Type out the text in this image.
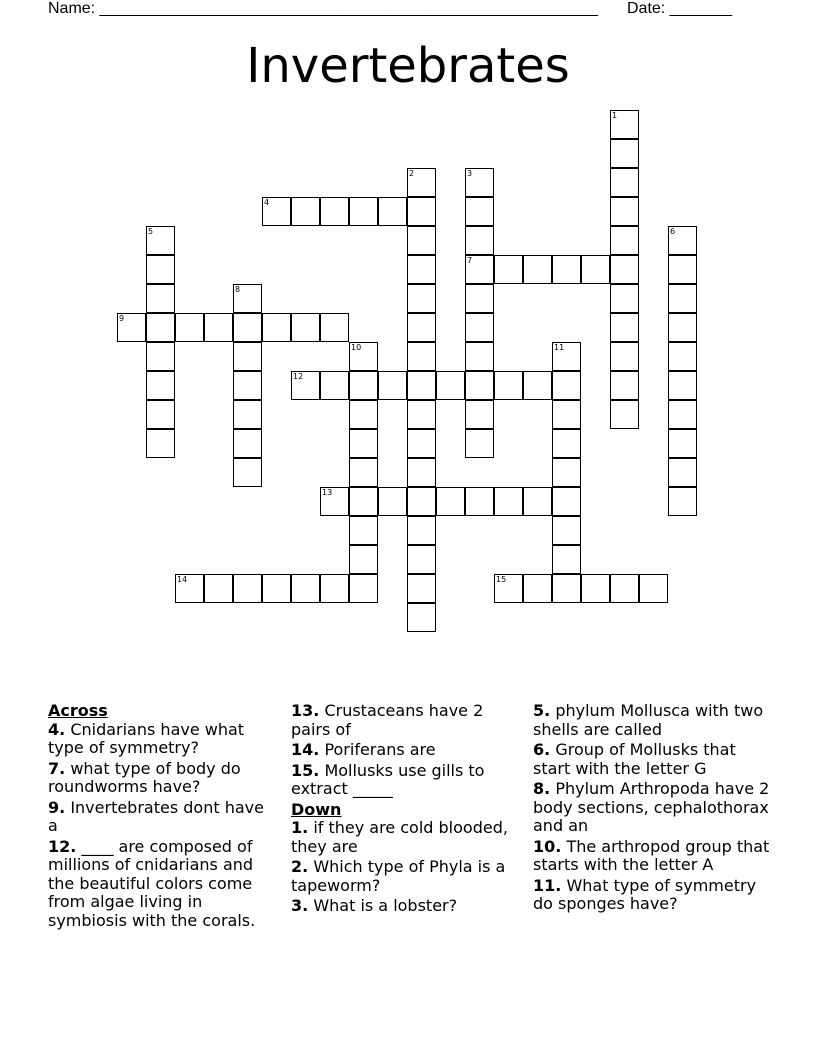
Name: ________________________________________________________ Date: _______
Invertebrates
1
2	3
7
4
5	6
8
9
10	11
12
13
14	15
Across
4. Cnidarians have what type of symmetry?
7. what type of body do roundworms have?
9. Invertebrates dont have a
12. ____ are composed of millions of cnidarians and the beautiful colors come from algae living in symbiosis with the corals.
13. Crustaceans have 2 pairs of
14. Poriferans are
15. Mollusks use gills to extract _____
Down
1. if they are cold blooded, they are
2. Which type of Phyla is a tapeworm?
3. What is a lobster?
5. phylum Mollusca with two shells are called
6. Group of Mollusks that start with the letter G
8. Phylum Arthropoda have 2 body sections, cephalothorax and an
10. The arthropod group that starts with the letter A
11. What type of symmetry do sponges have?
